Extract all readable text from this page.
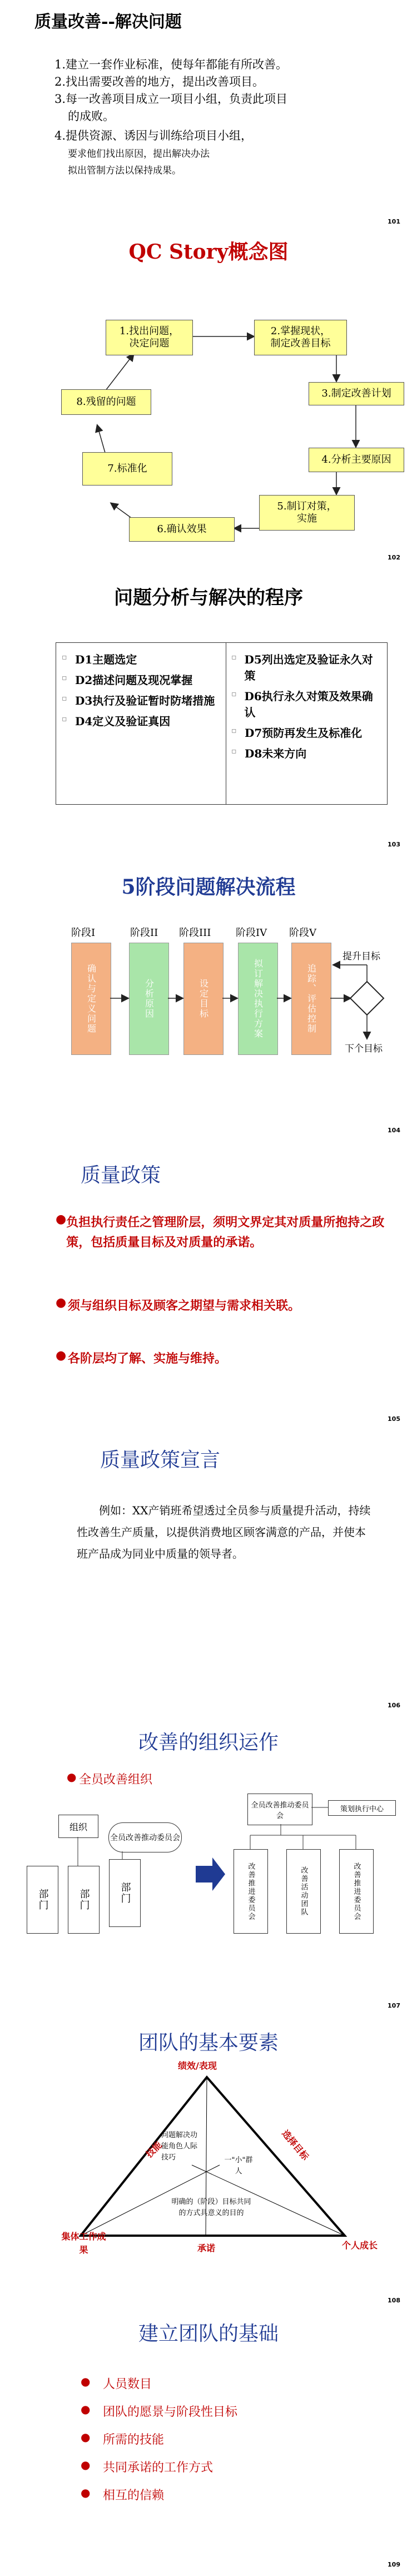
质量改善--解决问题
1.建立一套作业标准，使每年都能有所改善。
2.找出需要改善的地方，提出改善项目。
3.每一改善项目成立一项目小组，负责此项目
的成败。
4.提供资源、诱因与训练给项目小组，
要求他们找出原因，提出解决办法
拟出管制方法以保持成果。
101
QC Story概念图
1.找出问题，
决定问题
2.掌握现状，
制定改善目标
3.制定改善计划
4.分析主要原因
5.制订对策，
实施
6.确认效果
7.标准化
8.残留的问题
102
问题分析与解决的程序
▫ D1主题选定
▫ D2描述问题及现况掌握
▫ D3执行及验证暂时防堵措施
▫ D4定义及验证真因
▫ D5列出选定及验证永久对策
▫ D6执行永久对策及效果确认
▫ D7预防再发生及标准化
▫ D8未来方向
103
5阶段问题解决流程
阶段I	阶段II 阶段III 阶段IV 阶段V
确认与定义问题	分析原因	设定目标	拟订解决执行方案	追踪、评估控制
提升目标
下个目标
104
质量政策
● 负担执行责任之管理阶层，须明文界定其对质量所抱持之政策，包括质量目标及对质量的承诺。
● 须与组织目标及顾客之期望与需求相关联。
● 各阶层均了解、实施与维持。
105
质量政策宣言
例如：XX产销班希望透过全员参与质量提升活动，持续性改善生产质量，以提供消费地区顾客满意的产品，并使本班产品成为同业中质量的领导者。
106
改善的组织运作
● 全员改善组织
组织
全员改善推动委员会
部门	部门	部门
全员改善推动委员会
策划执行中心
改善推进委员会	改善活动团队	改善推进委员会
107
团队的基本要素
绩效/表现
集体工作成果	个人成长
技能	选择目标
承诺
问题解决功能角色人际技巧	一"小"群人
明确的（阶段）目标共同的方式具意义的目的
108
建立团队的基础
●	人员数目
●	团队的愿景与阶段性目标
●	所需的技能
●	共同承诺的工作方式
●	相互的信赖
109
